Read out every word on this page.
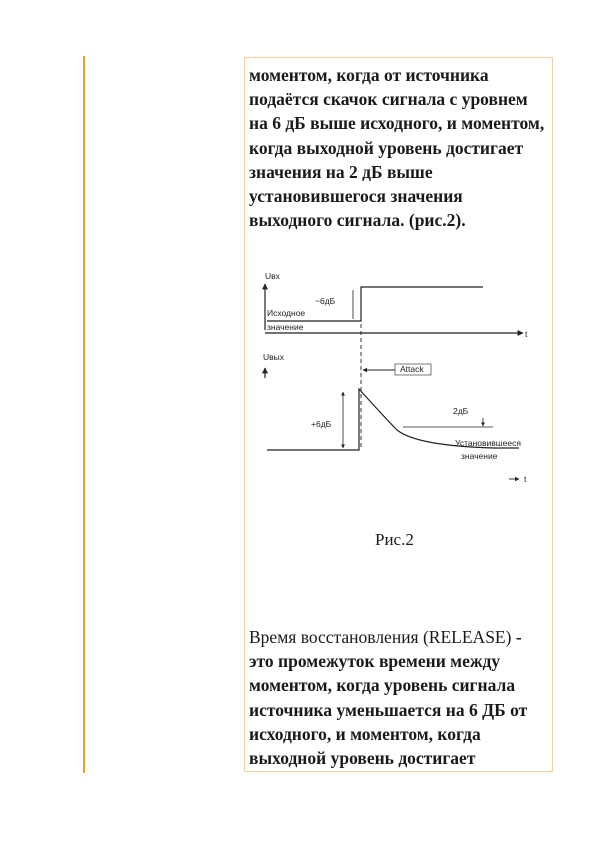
моментом, когда от источника подаётся скачок сигнала с уровнем на 6 дБ выше исходного, и моментом, когда выходной уровень достигает значения на 2 дБ выше установившегося значения выходного сигнала. (рис.2).

Uвх
~6дБ
Исходное
значение
t
Uвых
Attack
+6дБ
2дБ
Установившееся
значение
t

Рис.2

Время восстановления (RELEASE) - это промежуток времени между моментом, когда уровень сигнала источника уменьшается на 6 ДБ от исходного, и моментом, когда выходной уровень достигает
